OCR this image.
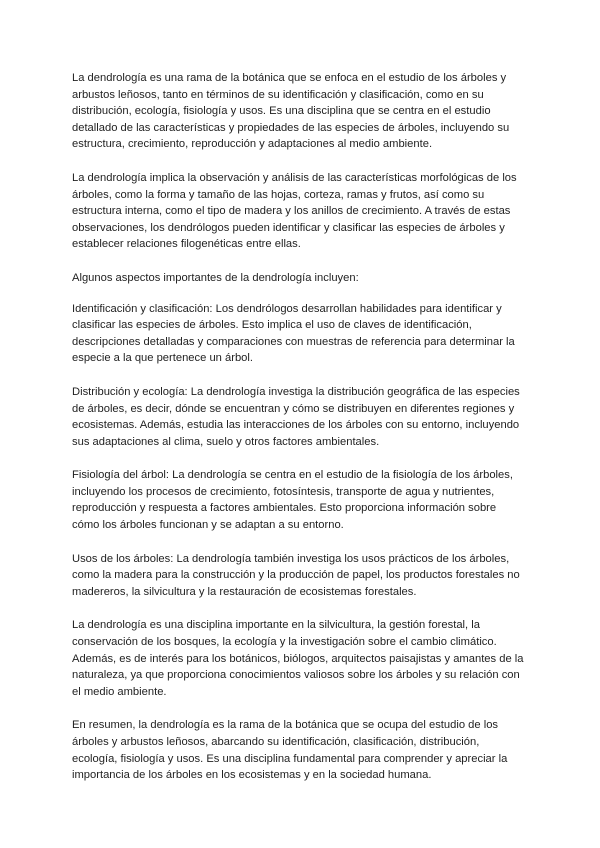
La dendrología es una rama de la botánica que se enfoca en el estudio de los árboles y arbustos leñosos, tanto en términos de su identificación y clasificación, como en su distribución, ecología, fisiología y usos. Es una disciplina que se centra en el estudio detallado de las características y propiedades de las especies de árboles, incluyendo su estructura, crecimiento, reproducción y adaptaciones al medio ambiente.

La dendrología implica la observación y análisis de las características morfológicas de los árboles, como la forma y tamaño de las hojas, corteza, ramas y frutos, así como su estructura interna, como el tipo de madera y los anillos de crecimiento. A través de estas observaciones, los dendrólogos pueden identificar y clasificar las especies de árboles y establecer relaciones filogenéticas entre ellas.

Algunos aspectos importantes de la dendrología incluyen:

Identificación y clasificación: Los dendrólogos desarrollan habilidades para identificar y clasificar las especies de árboles. Esto implica el uso de claves de identificación, descripciones detalladas y comparaciones con muestras de referencia para determinar la especie a la que pertenece un árbol.

Distribución y ecología: La dendrología investiga la distribución geográfica de las especies de árboles, es decir, dónde se encuentran y cómo se distribuyen en diferentes regiones y ecosistemas. Además, estudia las interacciones de los árboles con su entorno, incluyendo sus adaptaciones al clima, suelo y otros factores ambientales.

Fisiología del árbol: La dendrología se centra en el estudio de la fisiología de los árboles, incluyendo los procesos de crecimiento, fotosíntesis, transporte de agua y nutrientes, reproducción y respuesta a factores ambientales. Esto proporciona información sobre cómo los árboles funcionan y se adaptan a su entorno.

Usos de los árboles: La dendrología también investiga los usos prácticos de los árboles, como la madera para la construcción y la producción de papel, los productos forestales no madereros, la silvicultura y la restauración de ecosistemas forestales.

La dendrología es una disciplina importante en la silvicultura, la gestión forestal, la conservación de los bosques, la ecología y la investigación sobre el cambio climático. Además, es de interés para los botánicos, biólogos, arquitectos paisajistas y amantes de la naturaleza, ya que proporciona conocimientos valiosos sobre los árboles y su relación con el medio ambiente.

En resumen, la dendrología es la rama de la botánica que se ocupa del estudio de los árboles y arbustos leñosos, abarcando su identificación, clasificación, distribución, ecología, fisiología y usos. Es una disciplina fundamental para comprender y apreciar la importancia de los árboles en los ecosistemas y en la sociedad humana.
